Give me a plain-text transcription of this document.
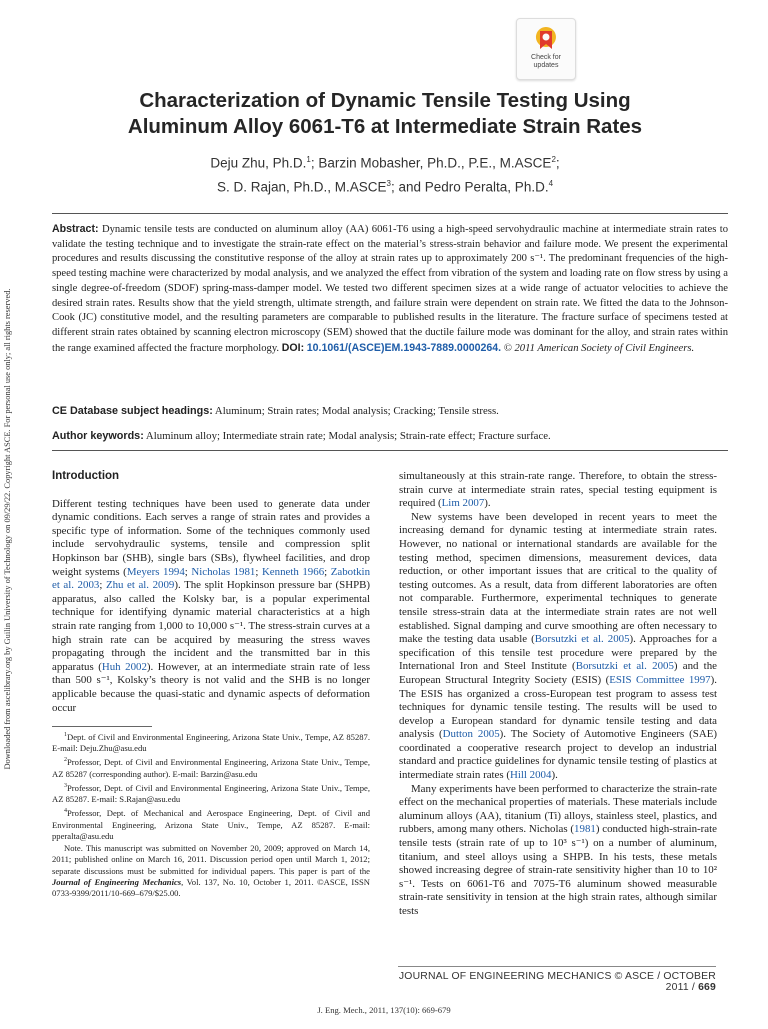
Check for
updates
Characterization of Dynamic Tensile Testing Using
Aluminum Alloy 6061-T6 at Intermediate Strain Rates
Deju Zhu, Ph.D.$^1$; Barzin Mobasher, Ph.D., P.E., M.ASCE$^2$;
S. D. Rajan, Ph.D., M.ASCE$^3$; and Pedro Peralta, Ph.D.$^4$
Abstract: Dynamic tensile tests are conducted on aluminum alloy (AA) 6061-T6 using a high-speed servohydraulic machine at intermediate strain rates to validate the testing technique and to investigate the strain-rate effect on the material’s stress-strain behavior and failure mode. We present the experimental procedures and results discussing the constitutive response of the alloy at strain rates up to approximately 200 s⁻¹. The predominant frequencies of the high-speed testing machine were characterized by modal analysis, and we analyzed the effect from vibration of the system and loading rate on flow stress by using a single degree-of-freedom (SDOF) spring-mass-damper model. We tested two different specimen sizes at a wide range of actuator velocities to achieve the desired strain rates. Results show that the yield strength, ultimate strength, and failure strain were dependent on strain rate. We fitted the data to the Johnson-Cook (JC) constitutive model, and the resulting parameters are comparable to published results in the literature. The fracture surface of specimens tested at different strain rates obtained by scanning electron microscopy (SEM) showed that the ductile failure mode was dominant for the alloy, and strain rates within the range examined affected the fracture morphology. DOI: 10.1061/(ASCE)EM.1943-7889.0000264. © 2011 American Society of Civil Engineers.
CE Database subject headings: Aluminum; Strain rates; Modal analysis; Cracking; Tensile stress.
Author keywords: Aluminum alloy; Intermediate strain rate; Modal analysis; Strain-rate effect; Fracture surface.
Downloaded from ascelibrary.org by Guilin University of Technology on 09/29/22. Copyright ASCE. For personal use only; all rights reserved.	Introduction

Different testing techniques have been used to generate data under dynamic conditions. Each serves a range of strain rates and provides a specific type of information. Some of the techniques commonly used include servohydraulic systems, tensile and compression split Hopkinson bar (SHB), single bars (SBs), flywheel facilities, and drop weight systems (Meyers 1994; Nicholas 1981; Kenneth 1966; Zabotkin et al. 2003; Zhu et al. 2009). The split Hopkinson pressure bar (SHPB) apparatus, also called the Kolsky bar, is a popular experimental technique for identifying dynamic material characteristics at a high strain rate ranging from 1,000 to 10,000 s⁻¹. The stress-strain curves at a high strain rate can be acquired by measuring the stress waves propagating through the incident and the transmitted bar in this apparatus (Huh 2002). However, at an intermediate strain rate of less than 500 s⁻¹, Kolsky’s theory is not valid and the SHB is no longer applicable because the quasi-static and dynamic aspects of deformation occur

$^1$Dept. of Civil and Environmental Engineering, Arizona State Univ., Tempe, AZ 85287. E-mail: Deju.Zhu@asu.edu

$^2$Professor, Dept. of Civil and Environmental Engineering, Arizona State Univ., Tempe, AZ 85287 (corresponding author). E-mail: Barzin@asu.edu

$^3$Professor, Dept. of Civil and Environmental Engineering, Arizona State Univ., Tempe, AZ 85287. E-mail: S.Rajan@asu.edu

$^4$Professor, Dept. of Mechanical and Aerospace Engineering, Dept. of Civil and Environmental Engineering, Arizona State Univ., Tempe, AZ 85287. E-mail: pperalta@asu.edu

Note. This manuscript was submitted on November 20, 2009; approved on March 14, 2011; published online on March 16, 2011. Discussion period open until March 1, 2012; separate discussions must be submitted for individual papers. This paper is part of the Journal of Engineering Mechanics, Vol. 137, No. 10, October 1, 2011. ©ASCE, ISSN 0733-9399/2011/10-669–679/$25.00.

simultaneously at this strain-rate range. Therefore, to obtain the stress-strain curve at intermediate strain rates, special testing equipment is required (Lim 2007).

New systems have been developed in recent years to meet the increasing demand for dynamic testing at intermediate strain rates. However, no national or international standards are available for the testing method, specimen dimensions, measurement devices, data reduction, or other important issues that are critical to the quality of testing outcomes. As a result, data from different laboratories are often not comparable. Furthermore, experimental techniques to generate tensile stress-strain data at the intermediate strain rates are not well established. Signal damping and curve smoothing are often necessary to make the testing data usable (Borsutzki et al. 2005). Approaches for a specification of this tensile test procedure were prepared by the International Iron and Steel Institute (Borsutzki et al. 2005) and the European Structural Integrity Society (ESIS) (ESIS Committee 1997). The ESIS has organized a cross-European test program to assess test techniques for dynamic tensile testing. The results will be used to develop a European standard for dynamic tensile testing and data analysis (Dutton 2005). The Society of Automotive Engineers (SAE) coordinated a cooperative research project to develop an industrial standard and practice guidelines for dynamic tensile testing of plastics at intermediate strain rates (Hill 2004).

Many experiments have been performed to characterize the strain-rate effect on the mechanical properties of materials. These materials include aluminum alloys (AA), titanium (Ti) alloys, stainless steel, plastics, and rubbers, among many others. Nicholas (1981) conducted high-strain-rate tensile tests (strain rate of up to 10³ s⁻¹) on a number of aluminum, titanium, and steel alloys using a SHPB. In his tests, these metals showed increasing degree of strain-rate sensitivity higher than 10 to 10² s⁻¹. Tests on 6061-T6 and 7075-T6 aluminum showed measurable strain-rate sensitivity in tension at the high strain rates, although similar tests

JOURNAL OF ENGINEERING MECHANICS © ASCE / OCTOBER 2011 / 669
J. Eng. Mech., 2011, 137(10): 669-679
